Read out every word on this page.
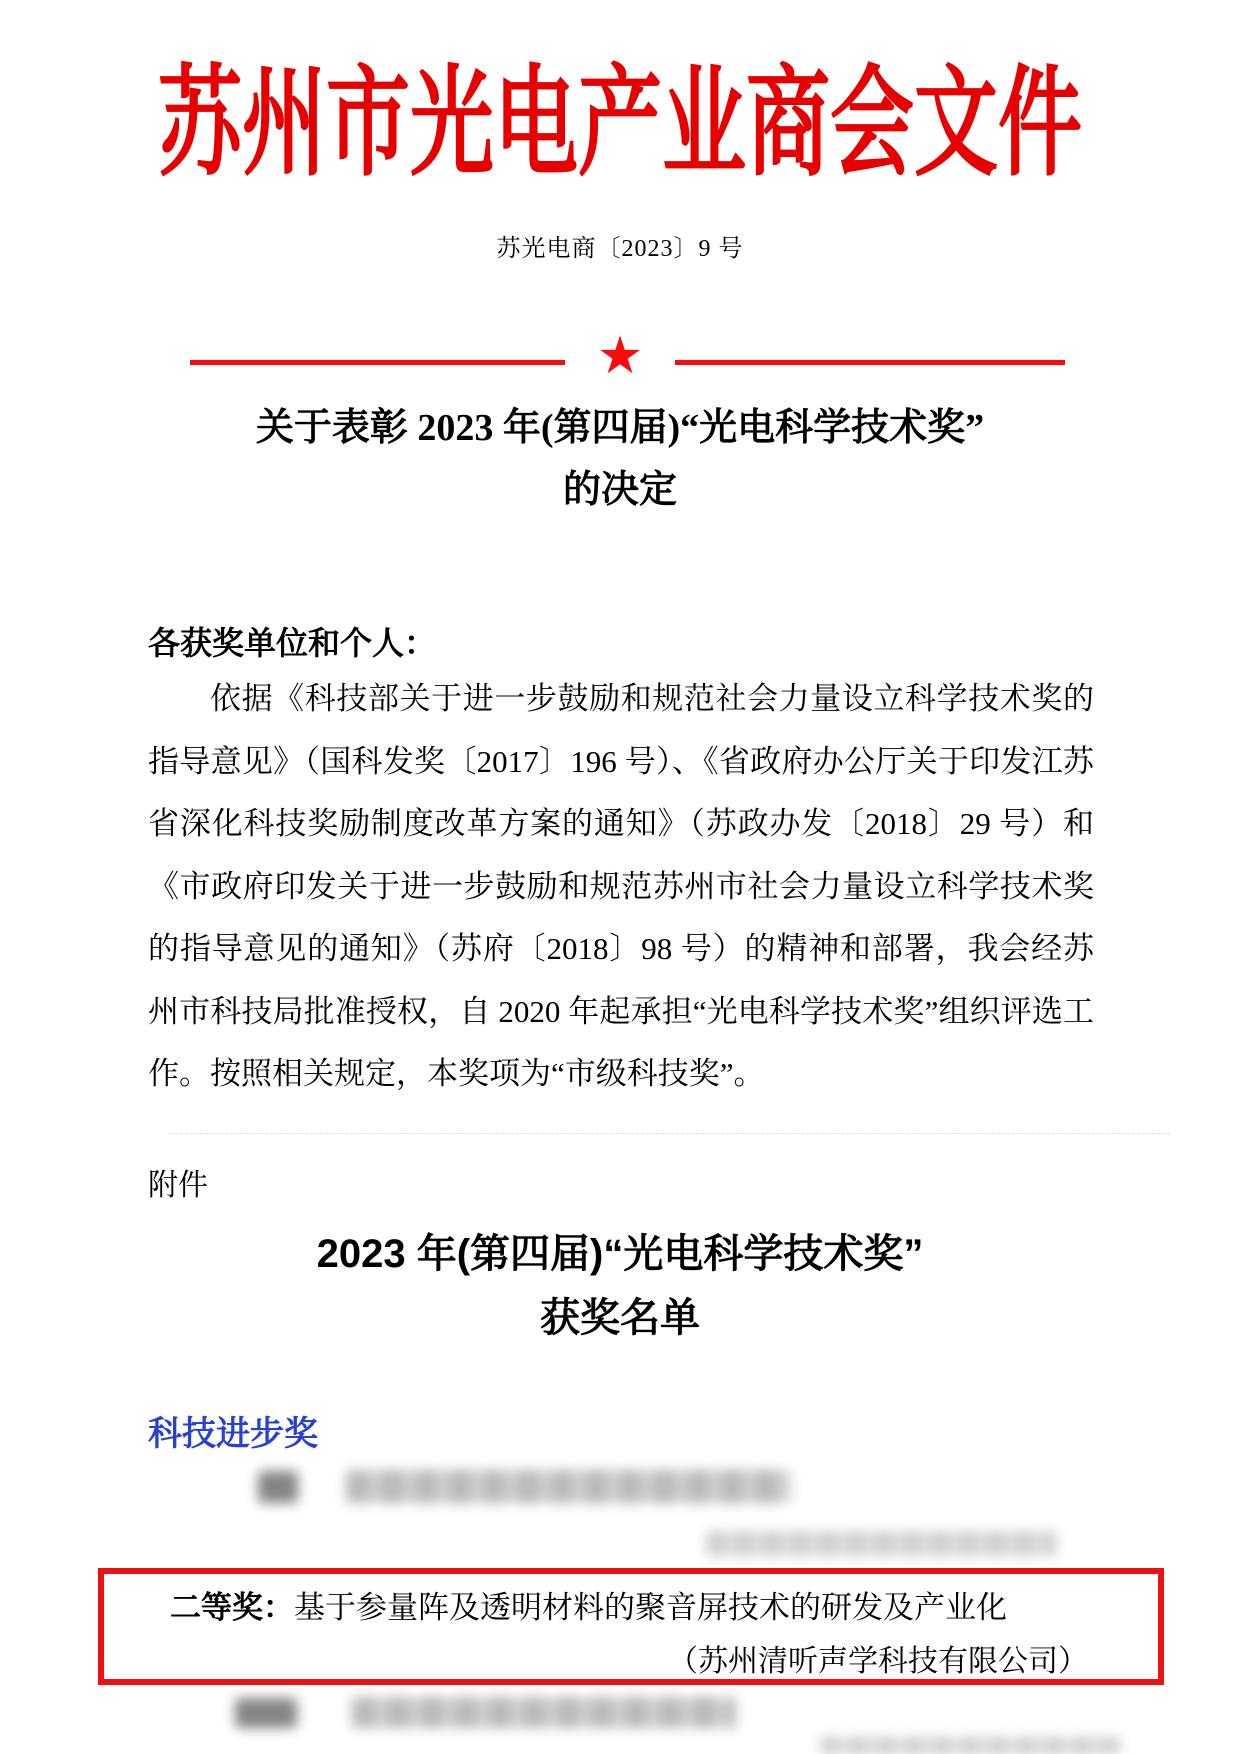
苏州市光电产业商会文件
苏光电商〔2023〕9 号
★
关于表彰 2023 年(第四届)“光电科学技术奖”
的决定
各获奖单位和个人：
依据《科技部关于进一步鼓励和规范社会力量设立科学技术奖的指导意见》（国科发奖〔2017〕196 号）、《省政府办公厅关于印发江苏省深化科技奖励制度改革方案的通知》（苏政办发〔2018〕29 号）和《市政府印发关于进一步鼓励和规范苏州市社会力量设立科学技术奖的指导意见的通知》（苏府〔2018〕98 号）的精神和部署，我会经苏州市科技局批准授权，自 2020 年起承担“光电科学技术奖”组织评选工作。按照相关规定，本奖项为“市级科技奖”。
附件
2023 年(第四届)“光电科学技术奖”
获奖名单
科技进步奖
二等奖：基于参量阵及透明材料的聚音屏技术的研发及产业化
（苏州清听声学科技有限公司）
